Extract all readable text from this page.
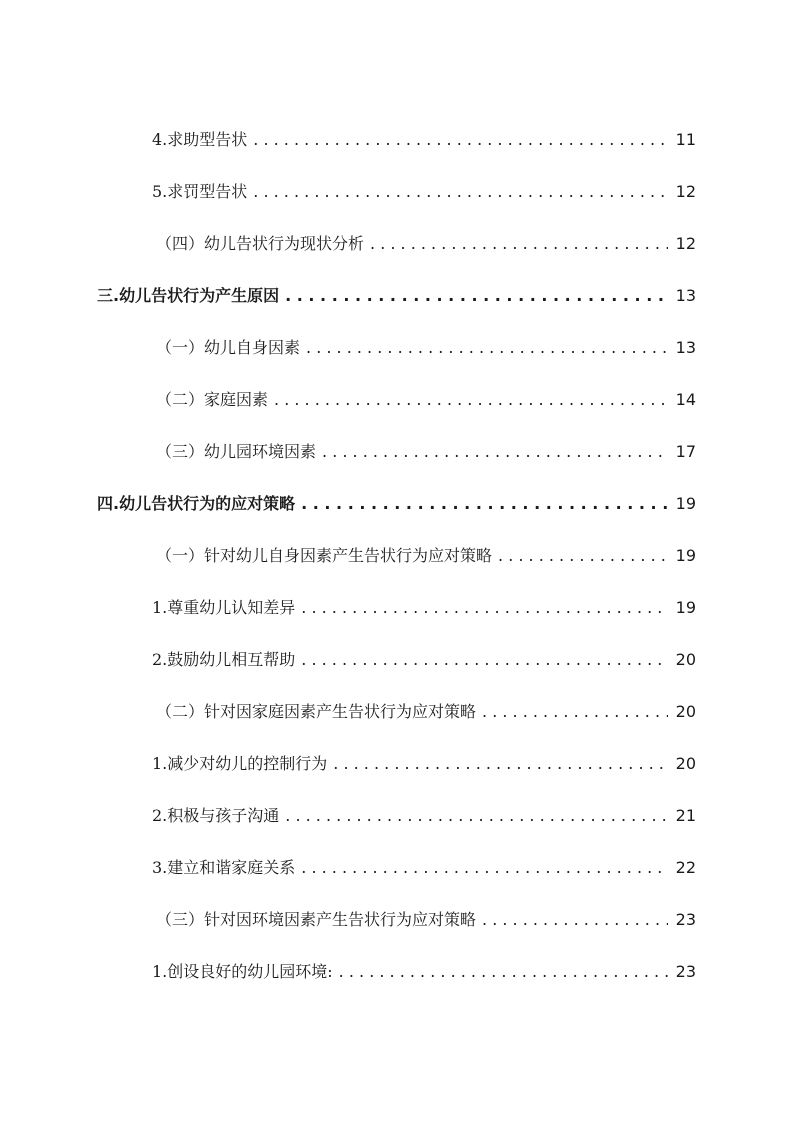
4.求助型告状 . . .	11
5.求罚型告状 . . .	12
（四）幼儿告状行为现状分析 . . .	12
三.幼儿告状行为产生原因 . . .	13
（一）幼儿自身因素 . . .	13
（二）家庭因素 . . .	14
（三）幼儿园环境因素 . . .	17
四.幼儿告状行为的应对策略 . . .	19
（一）针对幼儿自身因素产生告状行为应对策略 . . .	19
1.尊重幼儿认知差异 . . .	19
2.鼓励幼儿相互帮助 . . .	20
（二）针对因家庭因素产生告状行为应对策略 . . .	20
1.减少对幼儿的控制行为 . . .	20
2.积极与孩子沟通 . . .	21
3.建立和谐家庭关系 . . .	22
（三）针对因环境因素产生告状行为应对策略 . . .	23
1.创设良好的幼儿园环境: . . .	23
